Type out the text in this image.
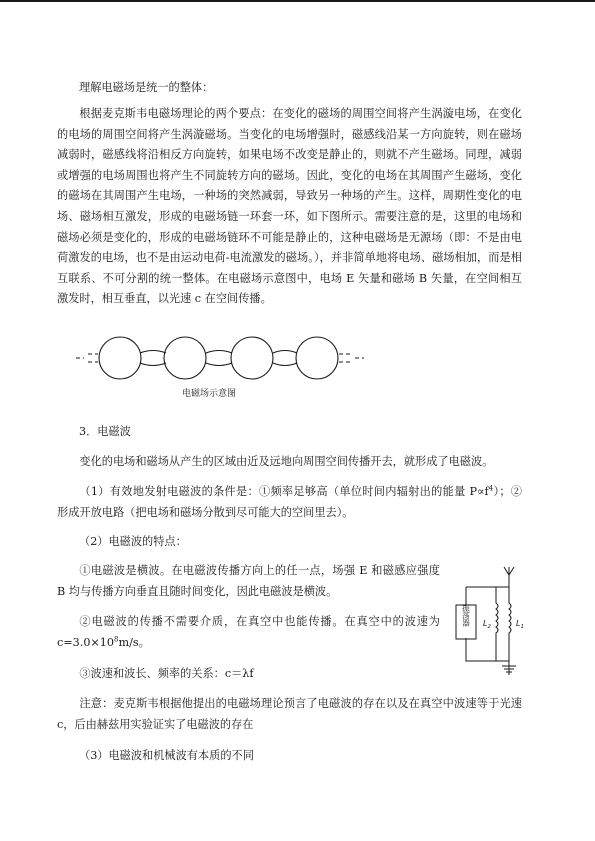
理解电磁场是统一的整体：
根据麦克斯韦电磁场理论的两个要点：在变化的磁场的周围空间将产生涡漩电场，在变化的电场的周围空间将产生涡漩磁场。当变化的电场增强时，磁感线沿某一方向旋转，则在磁场减弱时，磁感线将沿相反方向旋转，如果电场不改变是静止的，则就不产生磁场。同理，减弱或增强的电场周围也将产生不同旋转方向的磁场。因此，变化的电场在其周围产生磁场，变化的磁场在其周围产生电场，一种场的突然减弱，导致另一种场的产生。这样，周期性变化的电场、磁场相互激发，形成的电磁场链一环套一环，如下图所示。需要注意的是，这里的电场和磁场必须是变化的，形成的电磁场链环不可能是静止的，这种电磁场是无源场（即：不是由电荷激发的电场，也不是由运动电荷-电流激发的磁场。），并非简单地将电场、磁场相加，而是相互联系、不可分割的统一整体。在电磁场示意图中，电场 E 矢量和磁场 B 矢量，在空间相互激发时，相互垂直，以光速 c 在空间传播。
电磁场示意图
3．电磁波
变化的电场和磁场从产生的区域由近及远地向周围空间传播开去，就形成了电磁波。
（1）有效地发射电磁波的条件是：①频率足够高（单位时间内辐射出的能量 $P\propto f^4$）；②形成开放电路（把电场和磁场分散到尽可能大的空间里去）。
（2）电磁波的特点：
①电磁波是横波。在电磁波传播方向上的任一点，场强 E 和磁感应强度 B 均与传播方向垂直且随时间变化，因此电磁波是横波。
②电磁波的传播不需要介质，在真空中也能传播。在真空中的波速为 $c=3.0\times 10^8m/s$。
③波速和波长、频率的关系：c＝λf
注意：麦克斯韦根据他提出的电磁场理论预言了电磁波的存在以及在真空中波速等于光速 c，后由赫兹用实验证实了电磁波的存在
（3）电磁波和机械波有本质的不同
振荡器 $L_2$	$L_1$
